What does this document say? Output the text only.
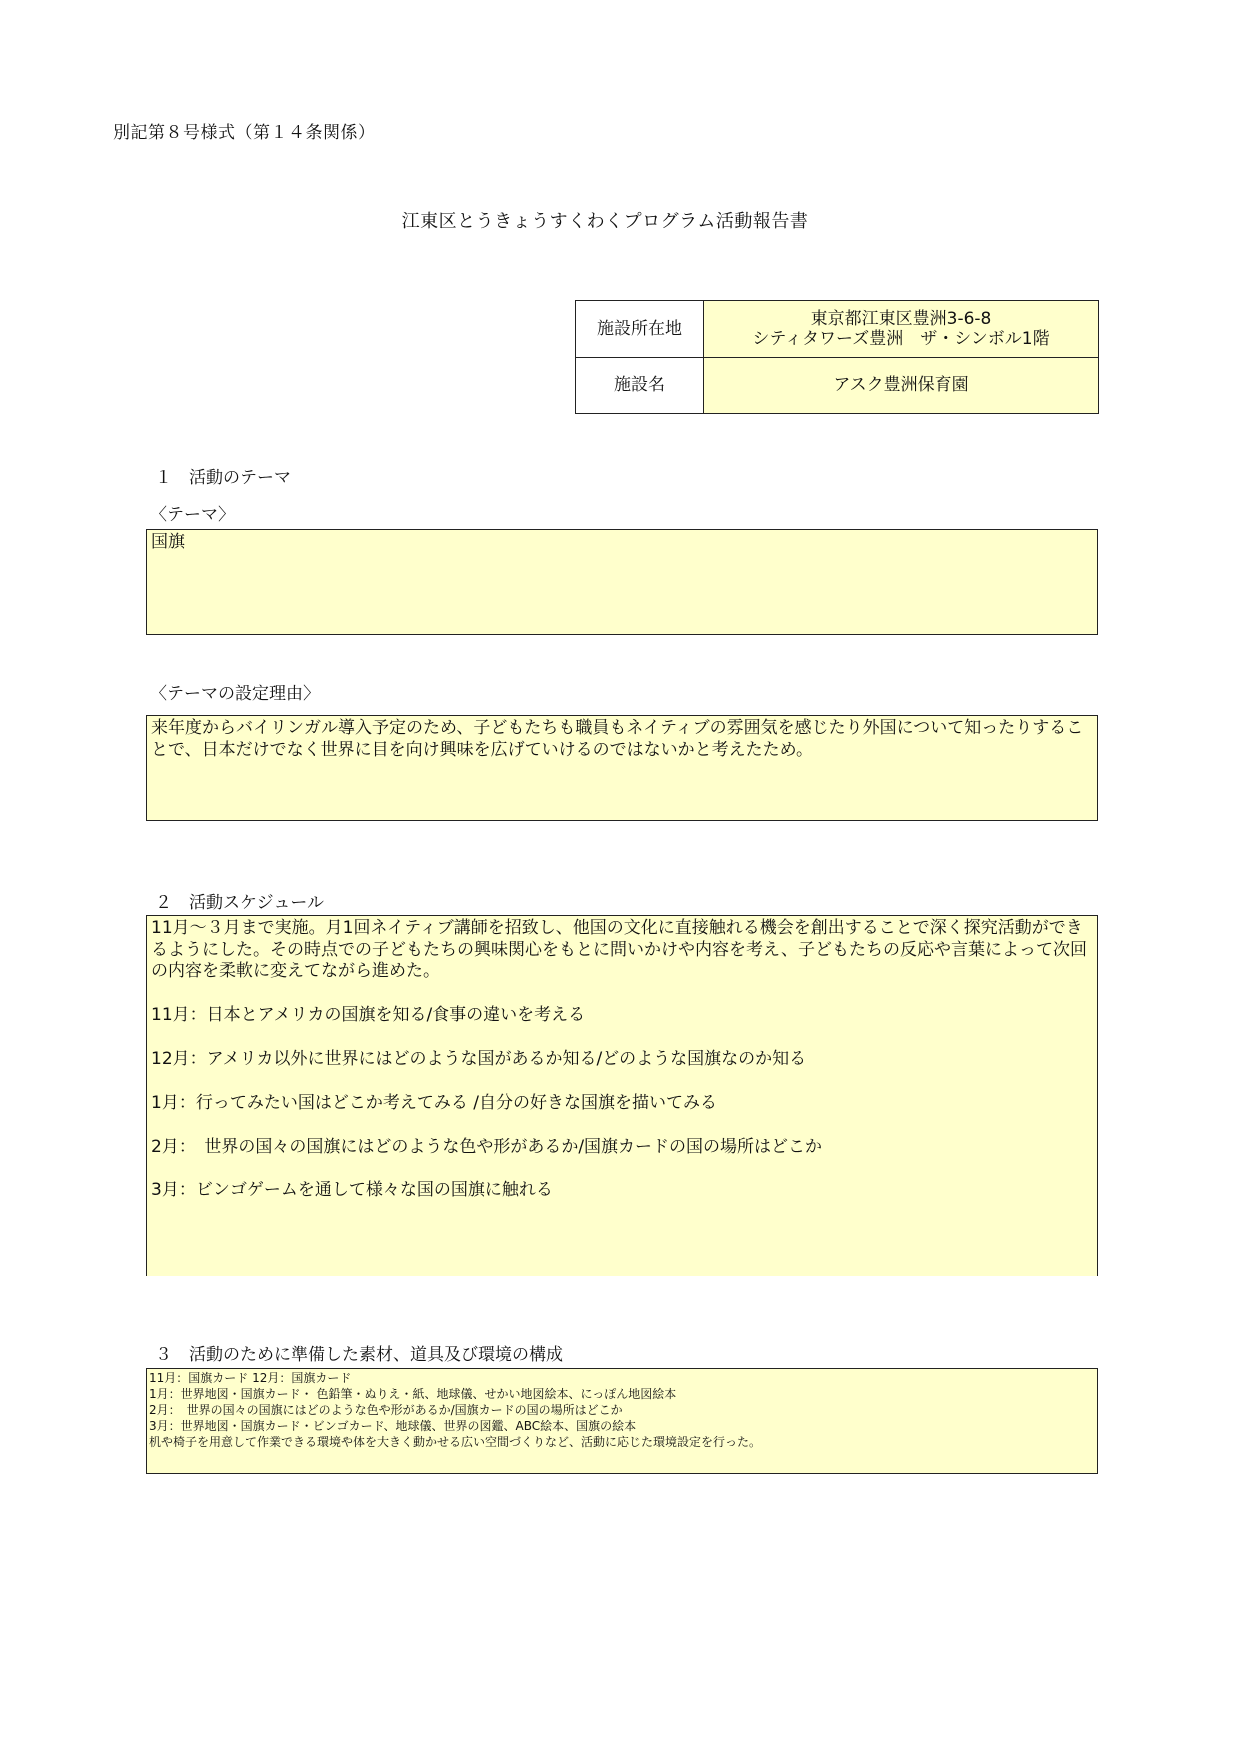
別記第８号様式（第１４条関係）
江東区とうきょうすくわくプログラム活動報告書
施設所在地	東京都江東区豊洲3-6-8
シティタワーズ豊洲　ザ・シンボル1階

施設名	アスク豊洲保育園
１　活動のテーマ
〈テーマ〉
国旗
〈テーマの設定理由〉
来年度からバイリンガル導入予定のため、子どもたちも職員もネイティブの雰囲気を感じたり外国について知ったりすることで、日本だけでなく世界に目を向け興味を広げていけるのではないかと考えたため。
２　活動スケジュール

11月～３月まで実施。月1回ネイティブ講師を招致し、他国の文化に直接触れる機会を創出することで深く探究活動ができるようにした。その時点での子どもたちの興味関心をもとに問いかけや内容を考え、子どもたちの反応や言葉によって次回の内容を柔軟に変えてながら進めた。

11月：日本とアメリカの国旗を知る/食事の違いを考える

12月：アメリカ以外に世界にはどのような国があるか知る/どのような国旗なのか知る

1月：行ってみたい国はどこか考えてみる /自分の好きな国旗を描いてみる

2月：　世界の国々の国旗にはどのような色や形があるか/国旗カードの国の場所はどこか

3月：ビンゴゲームを通して様々な国の国旗に触れる

３　活動のために準備した素材、道具及び環境の構成
11月：国旗カード 12月：国旗カード
1月：世界地図・国旗カード・ 色鉛筆・ぬりえ・紙、地球儀、せかい地図絵本、にっぽん地図絵本
2月：　世界の国々の国旗にはどのような色や形があるか/国旗カードの国の場所はどこか
3月：世界地図・国旗カード・ビンゴカード、地球儀、世界の図鑑、ABC絵本、国旗の絵本
机や椅子を用意して作業できる環境や体を大きく動かせる広い空間づくりなど、活動に応じた環境設定を行った。
